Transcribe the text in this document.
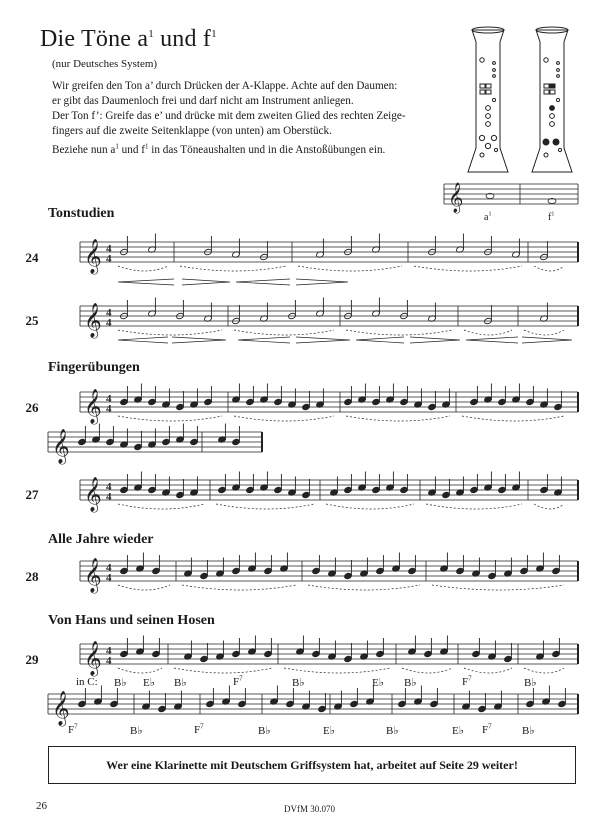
Die Töne $a^1$ und $f^1$
(nur Deutsches System)
Wir greifen den Ton a’ durch Drücken der A-Klappe. Achte auf den Daumen:
er gibt das Daumenloch frei und darf nicht am Instrument anliegen.
Der Ton f’: Greife das e’ und drücke mit dem zweiten Glied des rechten Zeige-
fingers auf die zweite Seitenklappe (von unten) am Oberstück.
Beziehe nun $a^1$ und $f^1$ in das Töneaushalten und in die Anstoßübungen ein.
Tonstudien
Fingerübungen
Alle Jahre wieder
Von Hans und seinen Hosen
24
25
26
27
28
29
$a^1$	$f^1$
in C: B♭ E♭ B♭	$F^7$	B♭	E♭ B♭	$F^7$	B♭
$F^7$	B♭	$F^7$	B♭	E♭	B♭	E♭ $F^7$	B♭
𝄞
𝄞 4
4
𝄞 4
4
𝄞 4
4
𝄞
𝄞 4
4
𝄞 4
4
𝄞 4
4
𝄞
Wer eine Klarinette mit Deutschem Griffsystem hat, arbeitet auf Seite 29 weiter!
26	DVfM 30.070
